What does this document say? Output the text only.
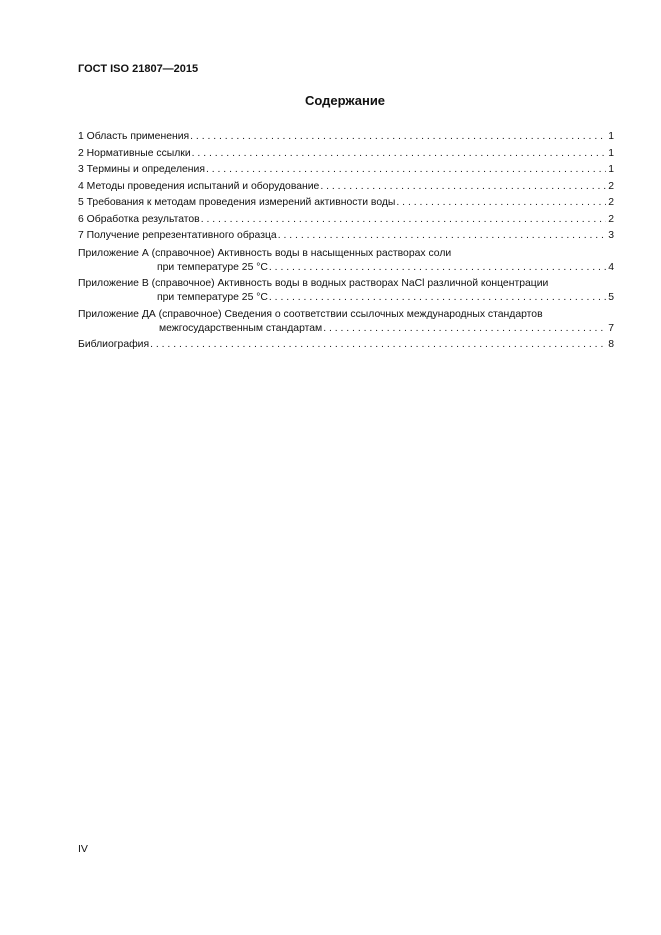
ГОСТ ISO 21807—2015
Содержание
1 Область применения . . .	1
2 Нормативные ссылки . . .	1
3 Термины и определения . . .	1
4 Методы проведения испытаний и оборудование . . .	2
5 Требования к методам проведения измерений активности воды . . .	2
6 Обработка результатов . . .	2
7 Получение репрезентативного образца . . .	3
Приложение А (справочное) Активность воды в насыщенных растворах соли
при температуре 25 °С . . .	4
Приложение В (справочное) Активность воды в водных растворах NaCl различной концентрации
при температуре 25 °С . . .	5
Приложение ДА (справочное) Сведения о соответствии ссылочных международных стандартов
межгосударственным стандартам . . .	7
Библиография . . .	8
IV
